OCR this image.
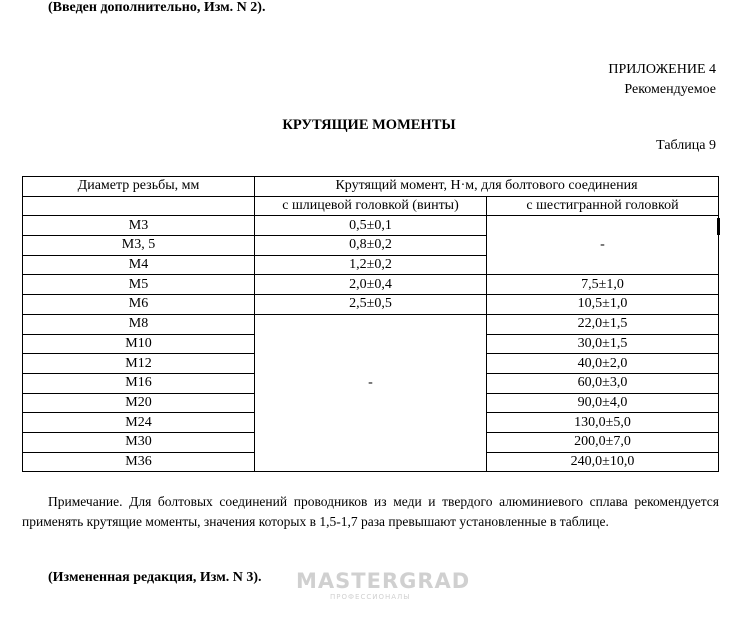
(Введен дополнительно, Изм. N 2).
ПРИЛОЖЕНИЕ 4
Рекомендуемое
КРУТЯЩИЕ МОМЕНТЫ
Таблица 9
Диаметр резьбы, мм	Крутящий момент, Н·м, для болтового соединения	
	с шлицевой головкой (винты)	с шестигранной головкой
М3	0,5±0,1	
М3, 5	0,8±0,2	-
М4	1,2±0,2	
М5	2,0±0,4	7,5±1,0
М6	2,5±0,5	10,5±1,0
М8		22,0±1,5
М10		30,0±1,5
М12		40,0±2,0
М16	-	60,0±3,0
М20		90,0±4,0
М24		130,0±5,0
М30		200,0±7,0
М36		240,0±10,0
Примечание. Для болтовых соединений проводников из меди и твердого алюминиевого сплава рекомендуется применять крутящие моменты, значения которых в 1,5-1,7 раза превышают установленные в таблице.
(Измененная редакция, Изм. N 3). MASTERGRAD
ПРОФЕССИОНАЛЫ
